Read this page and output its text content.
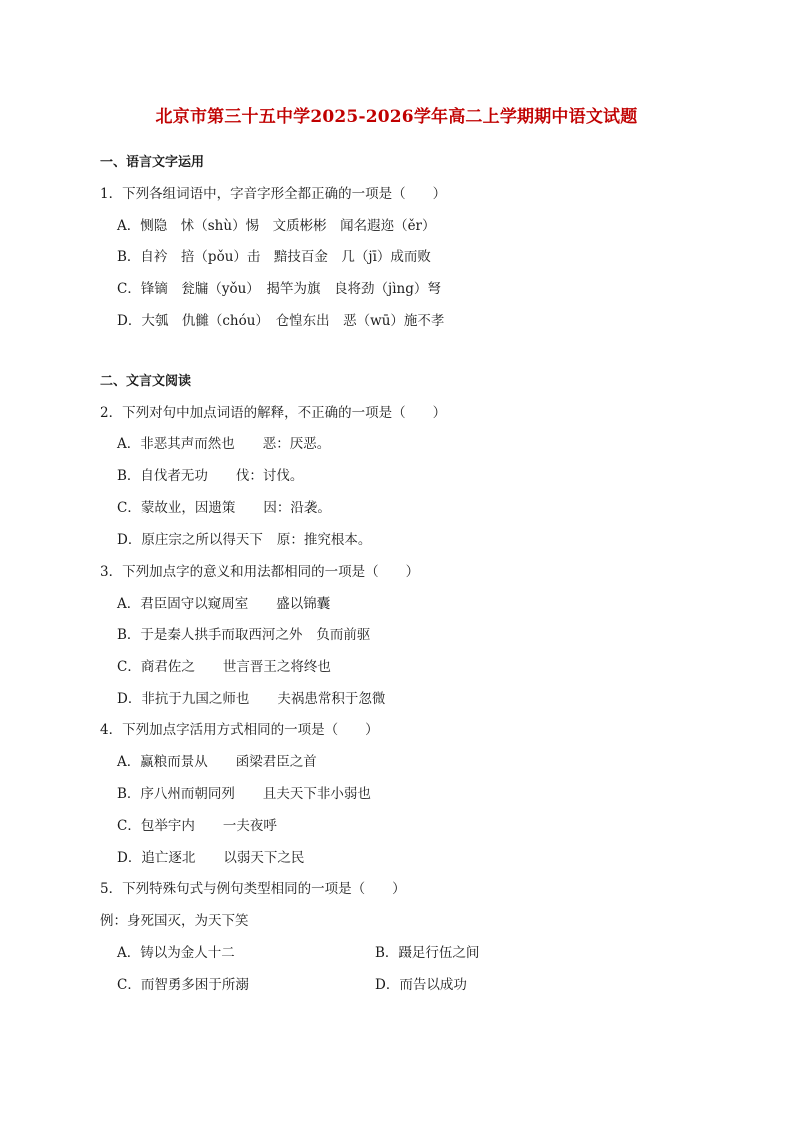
北京市第三十五中学2025-2026学年高二上学期期中语文试题
一、语言文字运用
1．下列各组词语中，字音字形全都正确的一项是（　　）
A．恻隐　怵（shù）惕　文质彬彬　闻名遐迩（ěr）
B．自衿　掊（pǒu）击　黯技百金　几（jī）成而败
C．锋镝　瓮牖（yǒu）　揭竿为旗　良将劲（jìng）弩
D．大瓠　仇雠（chóu）　仓惶东出　恶（wū）施不孝
二、文言文阅读
2．下列对句中加点词语的解释，不正确的一项是（　　）
A．非恶其声而然也 恶：厌恶。
B．自伐者无功 伐：讨伐。
C．蒙故业，因遗策 因：沿袭。
D．原庄宗之所以得天下 原：推究根本。
3．下列加点字的意义和用法都相同的一项是（　　）
A．君臣固守以窥周室 盛以锦囊
B．于是秦人拱手而取西河之外 负而前驱
C．商君佐之 世言晋王之将终也
D．非抗于九国之师也 夫祸患常积于忽微
4．下列加点字活用方式相同的一项是（　　）
A．赢粮而景从 函梁君臣之首
B．序八州而朝同列 且夫天下非小弱也
C．包举宇内 一夫夜呼
D．追亡逐北 以弱天下之民
5．下列特殊句式与例句类型相同的一项是（　　）
例：身死国灭，为天下笑
A．铸以为金人十二	B．蹑足行伍之间
C．而智勇多困于所溺	D．而告以成功
